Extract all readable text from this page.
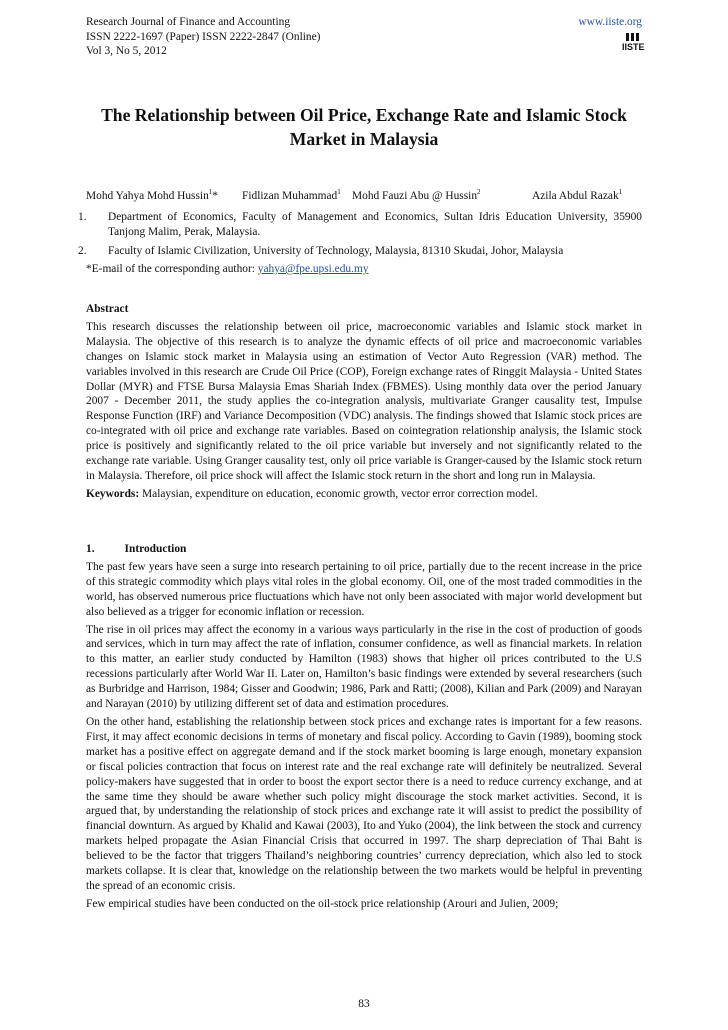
Research Journal of Finance and Accounting
ISSN 2222-1697 (Paper) ISSN 2222-2847 (Online)
Vol 3, No 5, 2012
www.iiste.org
IISTE
The Relationship between Oil Price, Exchange Rate and Islamic Stock Market in Malaysia
Mohd Yahya Mohd Hussin$^1$* Fidlizan Muhammad$^1$ Mohd Fauzi Abu @ Hussin$^2$	Azila Abdul Razak$^1$
1. Department of Economics, Faculty of Management and Economics, Sultan Idris Education University, 35900 Tanjong Malim, Perak, Malaysia.
2. Faculty of Islamic Civilization, University of Technology, Malaysia, 81310 Skudai, Johor, Malaysia
*E-mail of the corresponding author: yahya@fpe.upsi.edu.my

Abstract

This research discusses the relationship between oil price, macroeconomic variables and Islamic stock market in Malaysia. The objective of this research is to analyze the dynamic effects of oil price and macroeconomic variables changes on Islamic stock market in Malaysia using an estimation of Vector Auto Regression (VAR) method. The variables involved in this research are Crude Oil Price (COP), Foreign exchange rates of Ringgit Malaysia - United States Dollar (MYR) and FTSE Bursa Malaysia Emas Shariah Index (FBMES). Using monthly data over the period January 2007 - December 2011, the study applies the co-integration analysis, multivariate Granger causality test, Impulse Response Function (IRF) and Variance Decomposition (VDC) analysis. The findings showed that Islamic stock prices are co-integrated with oil price and exchange rate variables. Based on cointegration relationship analysis, the Islamic stock price is positively and significantly related to the oil price variable but inversely and not significantly related to the exchange rate variable. Using Granger causality test, only oil price variable is Granger-caused by the Islamic stock return in Malaysia. Therefore, oil price shock will affect the Islamic stock return in the short and long run in Malaysia.

Keywords: Malaysian, expenditure on education, economic growth, vector error correction model.

1.	Introduction

The past few years have seen a surge into research pertaining to oil price, partially due to the recent increase in the price of this strategic commodity which plays vital roles in the global economy. Oil, one of the most traded commodities in the world, has observed numerous price fluctuations which have not only been associated with major world development but also believed as a trigger for economic inflation or recession.

The rise in oil prices may affect the economy in a various ways particularly in the rise in the cost of production of goods and services, which in turn may affect the rate of inflation, consumer confidence, as well as financial markets. In relation to this matter, an earlier study conducted by Hamilton (1983) shows that higher oil prices contributed to the U.S recessions particularly after World War II. Later on, Hamilton’s basic findings were extended by several researchers (such as Burbridge and Harrison, 1984; Gisser and Goodwin; 1986, Park and Ratti; (2008), Kilian and Park (2009) and Narayan and Narayan (2010) by utilizing different set of data and estimation procedures.

On the other hand, establishing the relationship between stock prices and exchange rates is important for a few reasons. First, it may affect economic decisions in terms of monetary and fiscal policy. According to Gavin (1989), booming stock market has a positive effect on aggregate demand and if the stock market booming is large enough, monetary expansion or fiscal policies contraction that focus on interest rate and the real exchange rate will definitely be neutralized. Several policy-makers have suggested that in order to boost the export sector there is a need to reduce currency exchange, and at the same time they should be aware whether such policy might discourage the stock market activities. Second, it is argued that, by understanding the relationship of stock prices and exchange rate it will assist to predict the possibility of financial downturn. As argued by Khalid and Kawai (2003), Ito and Yuko (2004), the link between the stock and currency markets helped propagate the Asian Financial Crisis that occurred in 1997. The sharp depreciation of Thai Baht is believed to be the factor that triggers Thailand’s neighboring countries’ currency depreciation, which also led to stock markets collapse. It is clear that, knowledge on the relationship between the two markets would be helpful in preventing the spread of an economic crisis.

Few empirical studies have been conducted on the oil-stock price relationship (Arouri and Julien, 2009;

83
